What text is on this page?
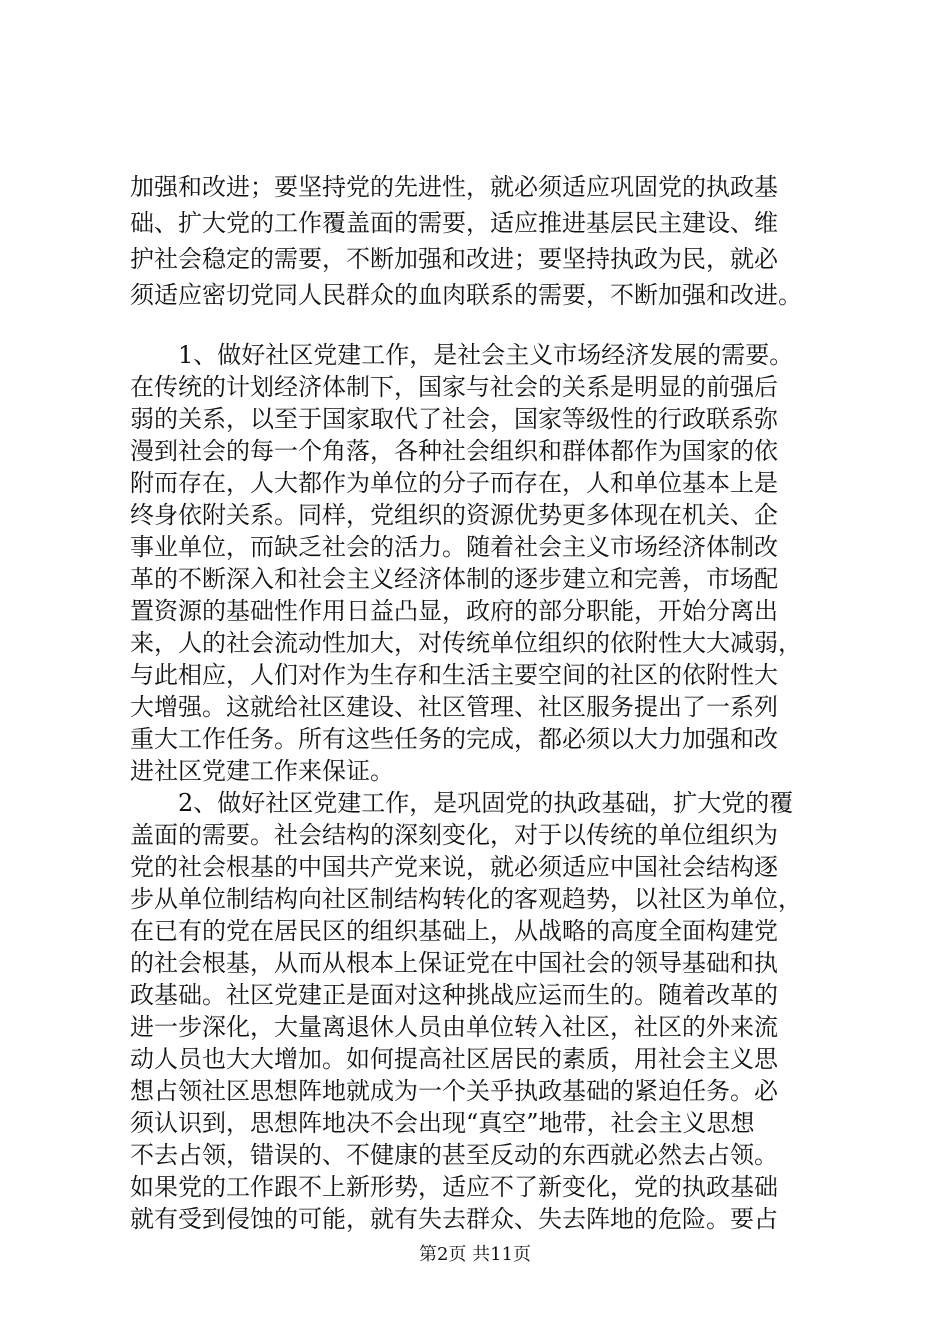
加强和改进；要坚持党的先进性，就必须适应巩固党的执政基
础、扩大党的工作覆盖面的需要，适应推进基层民主建设、维
护社会稳定的需要，不断加强和改进；要坚持执政为民，就必
须适应密切党同人民群众的血肉联系的需要，不断加强和改进。
1、做好社区党建工作，是社会主义市场经济发展的需要。
在传统的计划经济体制下，国家与社会的关系是明显的前强后
弱的关系，以至于国家取代了社会，国家等级性的行政联系弥
漫到社会的每一个角落，各种社会组织和群体都作为国家的依
附而存在，人大都作为单位的分子而存在，人和单位基本上是
终身依附关系。同样，党组织的资源优势更多体现在机关、企
事业单位，而缺乏社会的活力。随着社会主义市场经济体制改
革的不断深入和社会主义经济体制的逐步建立和完善，市场配
置资源的基础性作用日益凸显，政府的部分职能，开始分离出
来，人的社会流动性加大，对传统单位组织的依附性大大减弱，
与此相应，人们对作为生存和生活主要空间的社区的依附性大
大增强。这就给社区建设、社区管理、社区服务提出了一系列
重大工作任务。所有这些任务的完成，都必须以大力加强和改
进社区党建工作来保证。
2、做好社区党建工作，是巩固党的执政基础，扩大党的覆
盖面的需要。社会结构的深刻变化，对于以传统的单位组织为
党的社会根基的中国共产党来说，就必须适应中国社会结构逐
步从单位制结构向社区制结构转化的客观趋势，以社区为单位，
在已有的党在居民区的组织基础上，从战略的高度全面构建党
的社会根基，从而从根本上保证党在中国社会的领导基础和执
政基础。社区党建正是面对这种挑战应运而生的。随着改革的
进一步深化，大量离退休人员由单位转入社区，社区的外来流
动人员也大大增加。如何提高社区居民的素质，用社会主义思
想占领社区思想阵地就成为一个关乎执政基础的紧迫任务。必
须认识到，思想阵地决不会出现“真空”地带，社会主义思想
不去占领，错误的、不健康的甚至反动的东西就必然去占领。
如果党的工作跟不上新形势，适应不了新变化，党的执政基础
就有受到侵蚀的可能，就有失去群众、失去阵地的危险。要占
第2页 共11页
